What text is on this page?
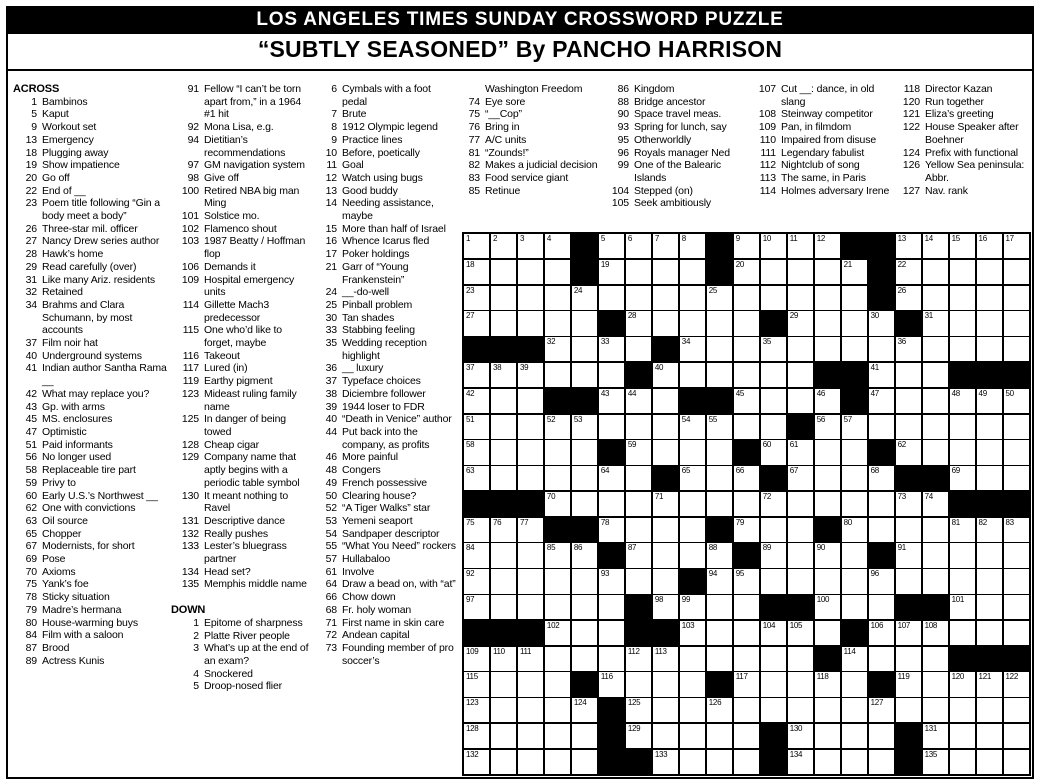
LOS ANGELES TIMES SUNDAY CROSSWORD PUZZLE
“SUBTLY SEASONED” By PANCHO HARRISON
ACROSS
1 Bambinos
5 Kaput
9 Workout set
13 Emergency
18 Plugging away
19 Show impatience
20 Go off
22 End of __
23 Poem title following “Gin a body meet a body”
26 Three-star mil. officer
27 Nancy Drew series author
28 Hawk’s home
29 Read carefully (over)
31 Like many Ariz. residents
32 Retained
34 Brahms and Clara Schumann, by most accounts
37 Film noir hat
40 Underground systems
41 Indian author Santha Rama __
42 What may replace you?
43 Gp. with arms
45 MS. enclosures
47 Optimistic
51 Paid informants
56 No longer used
58 Replaceable tire part
59 Privy to
60 Early U.S.’s Northwest __
62 One with convictions
63 Oil source
65 Chopper
67 Modernists, for short
69 Pose
70 Axioms
75 Yank’s foe
78 Sticky situation
79 Madre’s hermana
80 House-warming buys
84 Film with a saloon
87 Brood
89 Actress Kunis
91 Fellow “I can’t be torn apart from,” in a 1964 #1 hit
92 Mona Lisa, e.g.
94 Dietitian’s recommendations
97 GM navigation system
98 Give off
100 Retired NBA big man Ming
101 Solstice mo.
102 Flamenco shout
103 1987 Beatty / Hoffman flop
106 Demands it
109 Hospital emergency units
114 Gillette Mach3 predecessor
115 One who’d like to forget, maybe
116 Takeout
117 Lured (in)
119 Earthy pigment
123 Mideast ruling family name
125 In danger of being towed
128 Cheap cigar
129 Company name that aptly begins with a periodic table symbol
130 It meant nothing to Ravel
131 Descriptive dance
132 Really pushes
133 Lester’s bluegrass partner
134 Head set?
135 Memphis middle name
DOWN
1 Epitome of sharpness
2 Platte River people
3 What’s up at the end of an exam?
4 Snockered
5 Droop-nosed flier
6 Cymbals with a foot pedal
7 Brute
8 1912 Olympic legend
9 Practice lines
10 Before, poetically
11 Goal
12 Watch using bugs
13 Good buddy
14 Needing assistance, maybe
15 More than half of Israel
16 Whence Icarus fled
17 Poker holdings
21 Garr of “Young Frankenstein”
24 __-do-well
25 Pinball problem
30 Tan shades
33 Stabbing feeling
35 Wedding reception highlight
36 __ luxury
37 Typeface choices
38 Diciembre follower
39 1944 loser to FDR
40 “Death in Venice” author
44 Put back into the company, as profits
46 More painful
48 Congers
49 French possessive
50 Clearing house?
52 “A Tiger Walks” star
53 Yemeni seaport
54 Sandpaper descriptor
55 “What You Need” rockers
57 Hullabaloo
61 Involve
64 Draw a bead on, with “at”
66 Chow down
68 Fr. holy woman
71 First name in skin care
72 Andean capital
73 Founding member of pro soccer’s
Washington Freedom
74 Eye sore
75 “__Cop”
76 Bring in
77 A/C units
81 “Zounds!”
82 Makes a judicial decision
83 Food service giant
85 Retinue
86 Kingdom
88 Bridge ancestor
90 Space travel meas.
93 Spring for lunch, say
95 Otherworldly
96 Royals manager Ned
99 One of the Balearic Islands
104 Stepped (on)
105 Seek ambitiously
107 Cut __: dance, in old slang
108 Steinway competitor
109 Pan, in filmdom
110 Impaired from disuse
111 Legendary fabulist
112 Nightclub of song
113 The same, in Paris
114 Holmes adversary Irene
118 Director Kazan
120 Run together
121 Eliza’s greeting
122 House Speaker after Boehner
124 Prefix with functional
126 Yellow Sea peninsula: Abbr.
127 Nav. rank
1	2	3	4	5	6	7	8	9	10 11 12	13 14 15 16 17
18	19	20	21	22
23	24	25	26
27	28	29	30	31
32	33	34	35	36
37 38 39	40	41
42	43 44	45	46	47	48 49 50
51	52 53	54 55	56 57
58	59	60 61	62
63	64	65	66	67	68	69
70	71	72	73 74
75 76 77	78	79	80	81 82 83
84	85 86	87	88	89	90	91
92	93	94 95	96
97	98 99	100	101
102	103	104 105	106 107 108
109 110 111	112 113	114
115	116	117	118	119	120 121 122
123	124	125	126	127
128	129	130	131
132	133	134	135
